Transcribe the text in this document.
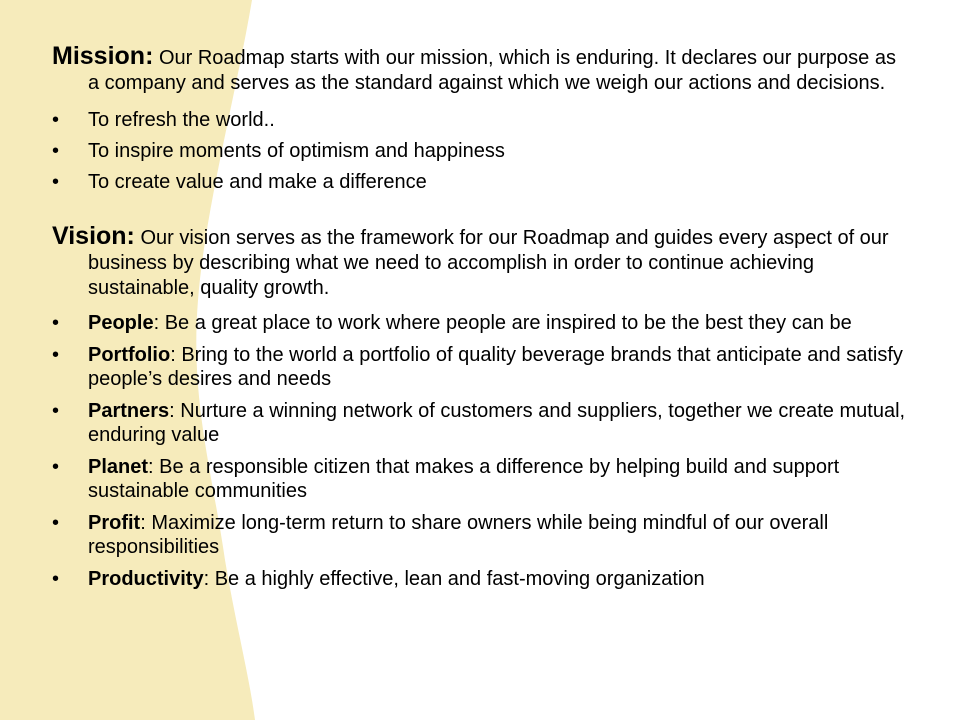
Mission: Our Roadmap starts with our mission, which is enduring. It declares our purpose as a company and serves as the standard against which we weigh our actions and decisions.
• To refresh the world..
• To inspire moments of optimism and happiness
• To create value and make a difference
Vision: Our vision serves as the framework for our Roadmap and guides every aspect of our business by describing what we need to accomplish in order to continue achieving sustainable, quality growth.
• People: Be a great place to work where people are inspired to be the best they can be
• Portfolio: Bring to the world a portfolio of quality beverage brands that anticipate and satisfy people’s desires and needs
• Partners: Nurture a winning network of customers and suppliers, together we create mutual, enduring value
• Planet: Be a responsible citizen that makes a difference by helping build and support sustainable communities
• Profit: Maximize long-term return to share owners while being mindful of our overall responsibilities
• Productivity: Be a highly effective, lean and fast-moving organization
